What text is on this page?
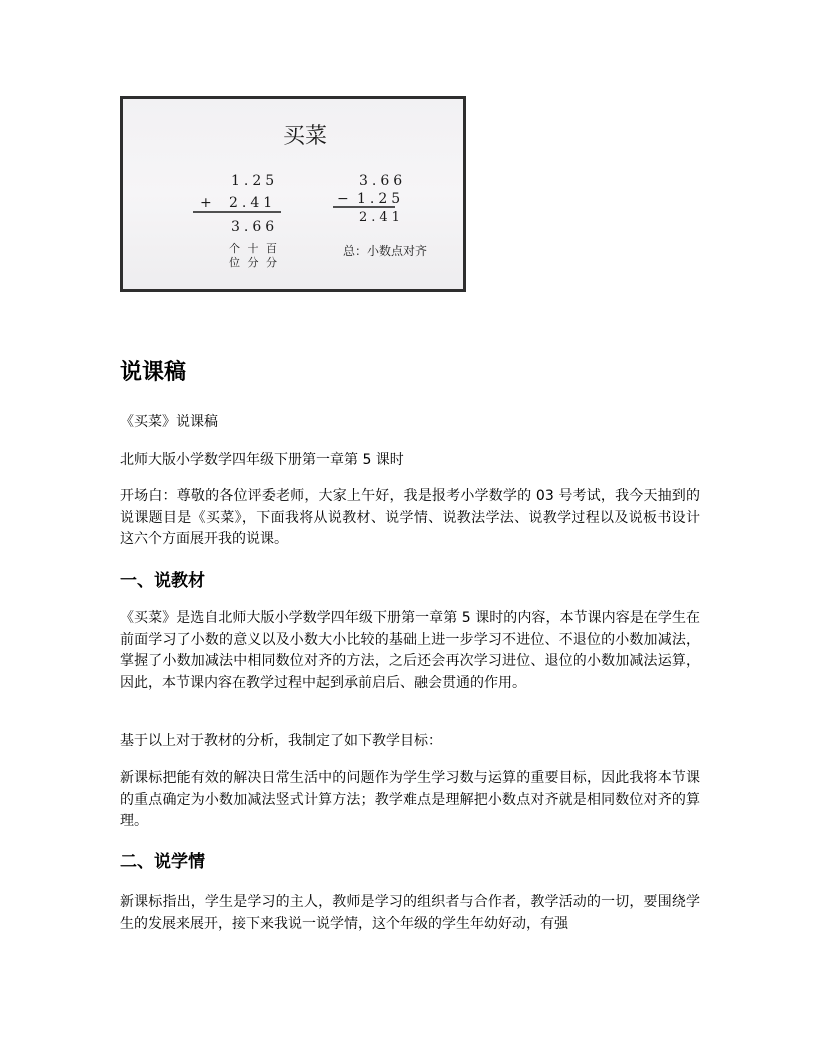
买菜
1.25
+ 2.41
3.66
个 十 百
位 分 分
3.66
− 1.25
2.41
总：小数点对齐
说课稿

《买菜》说课稿

北师大版小学数学四年级下册第一章第 5 课时

开场白：尊敬的各位评委老师，大家上午好，我是报考小学数学的 03 号考试，我今天抽到的说课题目是《买菜》，下面我将从说教材、说学情、说教法学法、说教学过程以及说板书设计这六个方面展开我的说课。

一、说教材

《买菜》是选自北师大版小学数学四年级下册第一章第 5 课时的内容，本节课内容是在学生在前面学习了小数的意义以及小数大小比较的基础上进一步学习不进位、不退位的小数加减法，掌握了小数加减法中相同数位对齐的方法，之后还会再次学习进位、退位的小数加减法运算，因此，本节课内容在教学过程中起到承前启后、融会贯通的作用。

基于以上对于教材的分析，我制定了如下教学目标：

新课标把能有效的解决日常生活中的问题作为学生学习数与运算的重要目标，因此我将本节课的重点确定为小数加减法竖式计算方法；教学难点是理解把小数点对齐就是相同数位对齐的算理。

二、说学情

新课标指出，学生是学习的主人，教师是学习的组织者与合作者，教学活动的一切，要围绕学生的发展来展开，接下来我说一说学情，这个年级的学生年幼好动，有强
